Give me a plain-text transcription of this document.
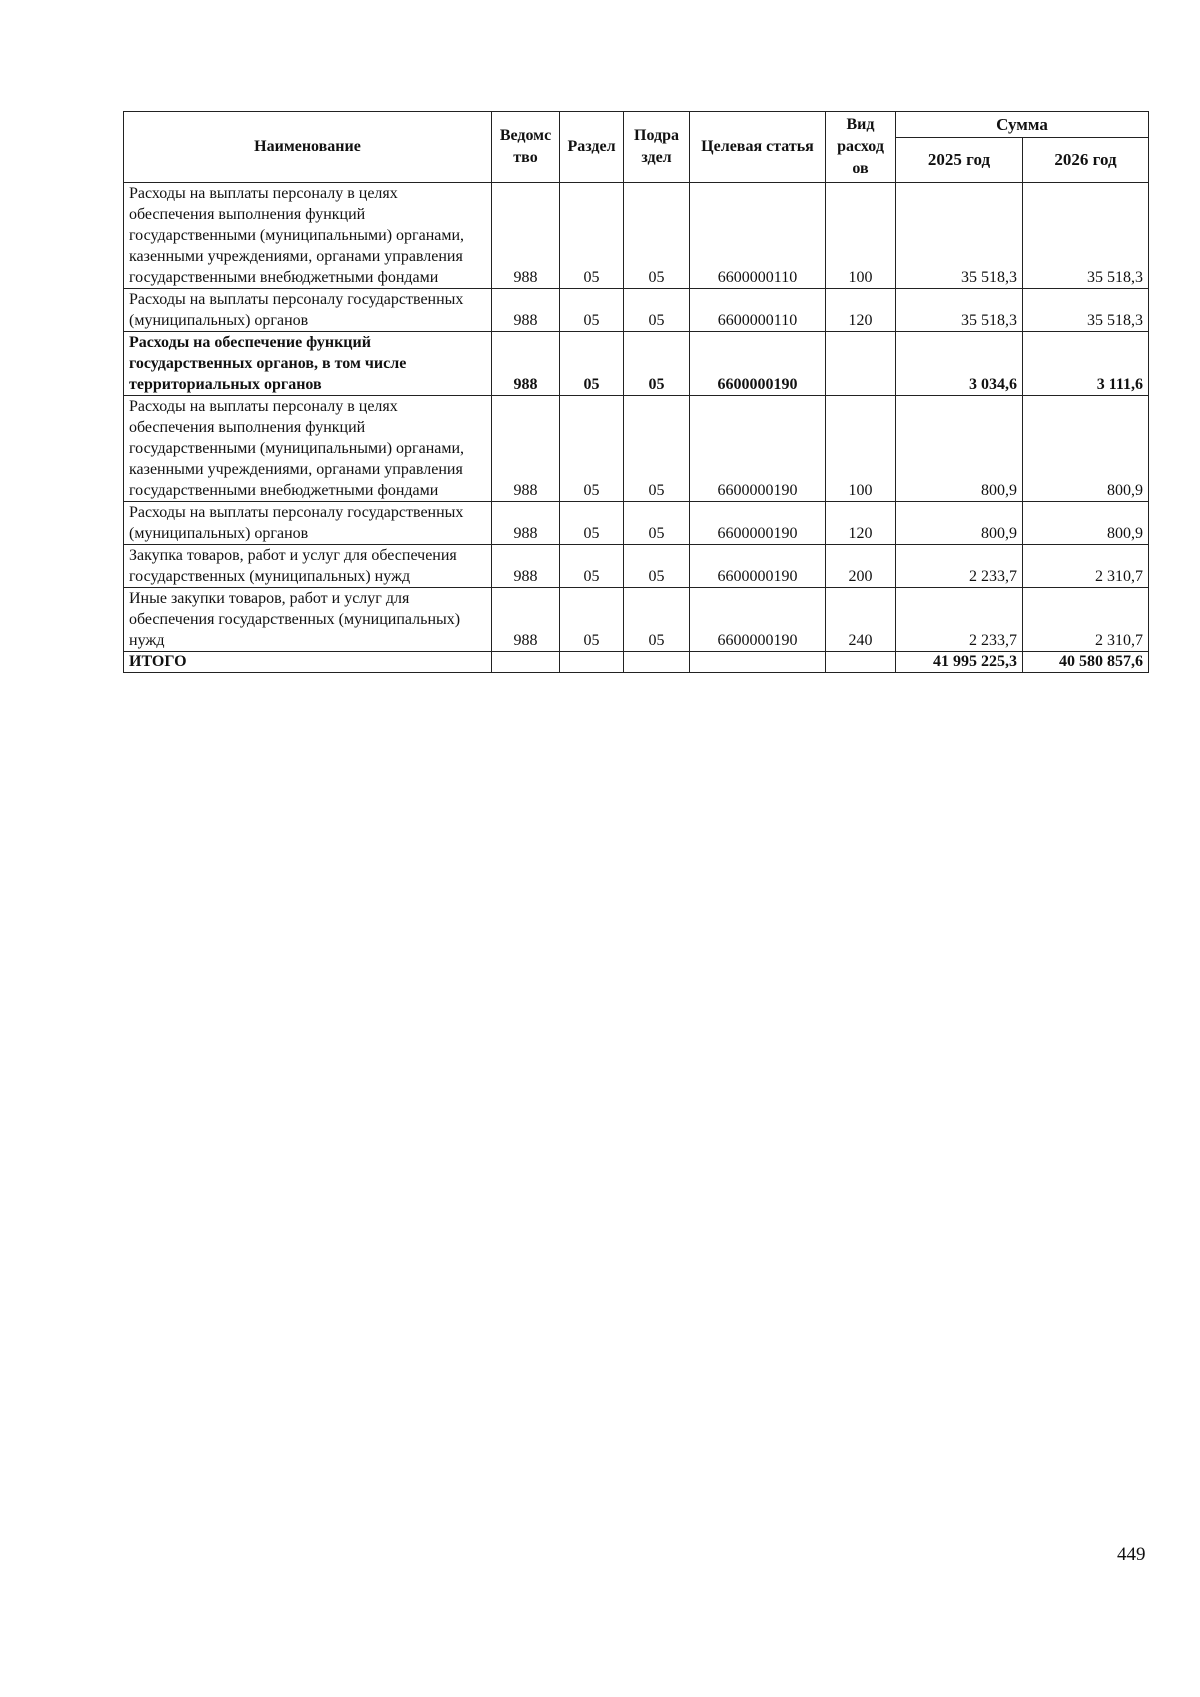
Наименование	Ведомс тво	Раздел	Подра здел	Целевая статья	Вид расход ов	Сумма	
						2025 год	2026 год
Расходы на выплаты персоналу в целях обеспечения выполнения функций государственными (муниципальными) органами, казенными учреждениями, органами управления государственными внебюджетными фондами	988	05	05	6600000110	100	35 518,3	35 518,3
Расходы на выплаты персоналу государственных (муниципальных) органов	988	05	05	6600000110	120	35 518,3	35 518,3
Расходы на обеспечение функций государственных органов, в том числе территориальных органов	988	05	05	6600000190		3 034,6	3 111,6
Расходы на выплаты персоналу в целях обеспечения выполнения функций государственными (муниципальными) органами, казенными учреждениями, органами управления государственными внебюджетными фондами	988	05	05	6600000190	100	800,9	800,9
Расходы на выплаты персоналу государственных (муниципальных) органов	988	05	05	6600000190	120	800,9	800,9
Закупка товаров, работ и услуг для обеспечения государственных (муниципальных) нужд	988	05	05	6600000190	200	2 233,7	2 310,7
Иные закупки товаров, работ и услуг для обеспечения государственных (муниципальных) нужд	988	05	05	6600000190	240	2 233,7	2 310,7
ИТОГО						41 995 225,3	40 580 857,6
449
